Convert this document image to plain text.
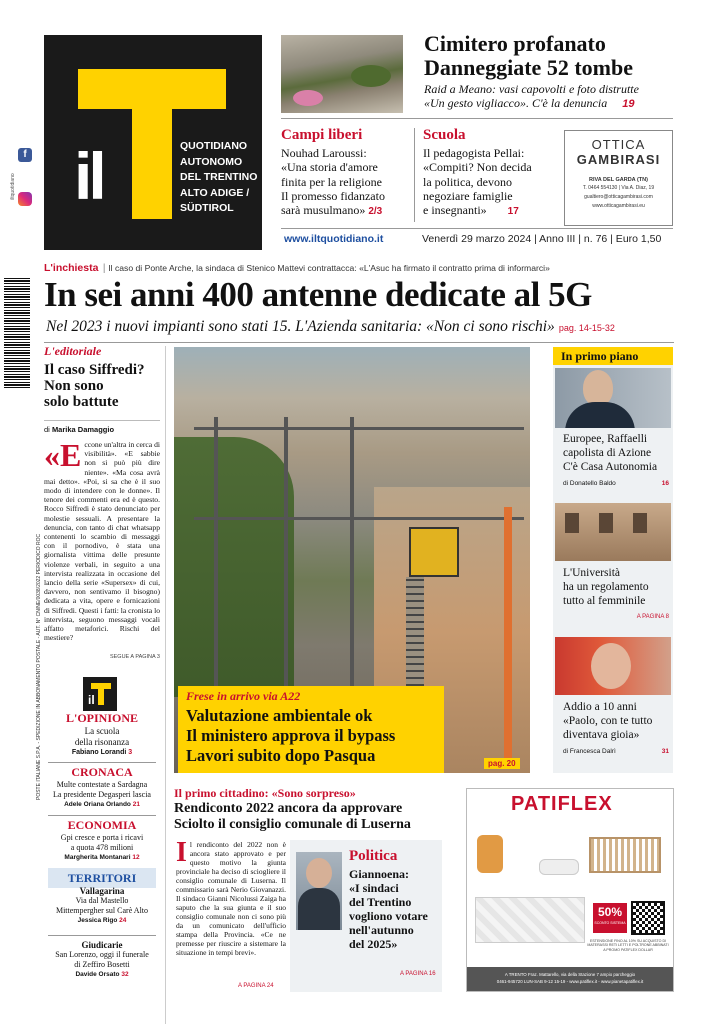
f
iltquotidiano
POSTE ITALIANE S.P.A. - SPEDIZIONE IN ABBONAMENTO POSTALE - AUT. N° CN/NE/0038/2022 PERIODICO ROC
il	QUOTIDIANO
AUTONOMO
DEL TRENTINO
ALTO ADIGE /
SÜDTIROL
Cimitero profanato
Danneggiate 52 tombe
Raid a Meano: vasi capovolti e foto distrutte
«Un gesto vigliacco». C'è la denuncia 19
Campi liberi
Nouhad Laroussi:
«Una storia d'amore
finita per la religione
Il promesso fidanzato
sarà musulmano» 2/3
Scuola
Il pedagogista Pellai:
«Compiti? Non decida
la politica, devono
negoziare famiglie
e insegnanti» 17
OTTICA
GAMBIRASI
RIVA DEL GARDA (TN)
T. 0464 554130 | Via A. Diaz, 19
gualtiero@otticagambirasi.com
www.otticagambirasi.eu
www.iltquotidiano.it	Venerdì 29 marzo 2024 | Anno III | n. 76 | Euro 1,50
L'inchiesta | Il caso di Ponte Arche, la sindaca di Stenico Mattevi contrattacca: «L'Asuc ha firmato il contratto prima di informarci»
In sei anni 400 antenne dedicate al 5G
Nel 2023 i nuovi impianti sono stati 15. L'Azienda sanitaria: «Non ci sono rischi» pag. 14-15-32
L'editoriale
Il caso Siffredi?
Non sono
solo battute
di Marika Damaggio
«E ccone un'altra in cerca di visibilità». «E sabbie non si può più dire niente». «Ma cosa avrà mai detto». «Poi, si sa che è il suo modo di intendere con le donne». Il tenore dei commenti era ed è questo. Rocco Siffredi è stato denunciato per molestie sessuali. A presentare la denuncia, con tanto di chat whatsapp contenenti lo scambio di messaggi con il pornodivo, è stata una giornalista vittima delle presunte violenze verbali, in seguito a una intervista realizzata in occasione del lancio della serie «Supersex» di cui, davvero, non sentivamo il bisogno) dedicata a vita, opere e fornicazioni di Siffredi. Questi i fatti: la cronista lo intervista, seguono messaggi vocali affatto metaforici. Rischi del mestiere?
SEGUE A PAGINA 3
il
L'OPINIONE
La scuola
della risonanza
Fabiano Lorandi 3
CRONACA
Multe contestate a Sardagna
La presidente Degasperi lascia
Adele Oriana Orlando 21
ECONOMIA
Gpi cresce e porta i ricavi
a quota 478 milioni
Margherita Montanari 12
TERRITORI
Vallagarina
Via dal Mastello
Mittempergher sul Carè Alto
Jessica Rigo 24
Giudicarie
San Lorenzo, oggi il funerale
di Zeffiro Bosetti
Davide Orsato 32
Frese in arrivo via A22
Valutazione ambientale ok
Il ministero approva il bypass
Lavori subito dopo Pasqua	pag. 20
In primo piano
Europee, Raffaelli
capolista di Azione
C'è Casa Autonomia
di Donatello Baldo	16
L'Università
ha un regolamento
tutto al femminile
A PAGINA 8
Addio a 10 anni
«Paolo, con te tutto
diventava gioia»
di Francesca Dalrì	31
Il primo cittadino: «Sono sorpreso»
Rendiconto 2022 ancora da approvare
Sciolto il consiglio comunale di Luserna
I l rendiconto del 2022 non è ancora stato approvato e per questo motivo la giunta provinciale ha deciso di sciogliere il consiglio comunale di Luserna. Il commissario sarà Nerio Giovanazzi. Il sindaco Gianni Nicolussi Zaiga ha saputo che la sua giunta e il suo consiglio comunale non ci sono più da un comunicato dell'ufficio stampa della Provincia. «Ce ne premesse per riuscire a sistemare la situazione in tempi brevi».
A PAGINA 24
Politica
Giannoena:
«I sindaci
del Trentino
vogliono votare
nell'autunno
del 2025»
A PAGINA 16
PATIFLEX
50%
SCONTO SISTEMA
ESTENSIONE FINO AL 10% SU ACQUISTO DI MATERASSI RETI LETTI E POLTRONE ABBINATI A PROMO PATIFLEX DOLLAR
A TRENTO Fraz. Mattarello, via della Stazione 7 ampio parcheggio
0461-945720 LUN-SAB 9-12 15-19 - www.patiflex.it - www.pianetapatiflex.it
